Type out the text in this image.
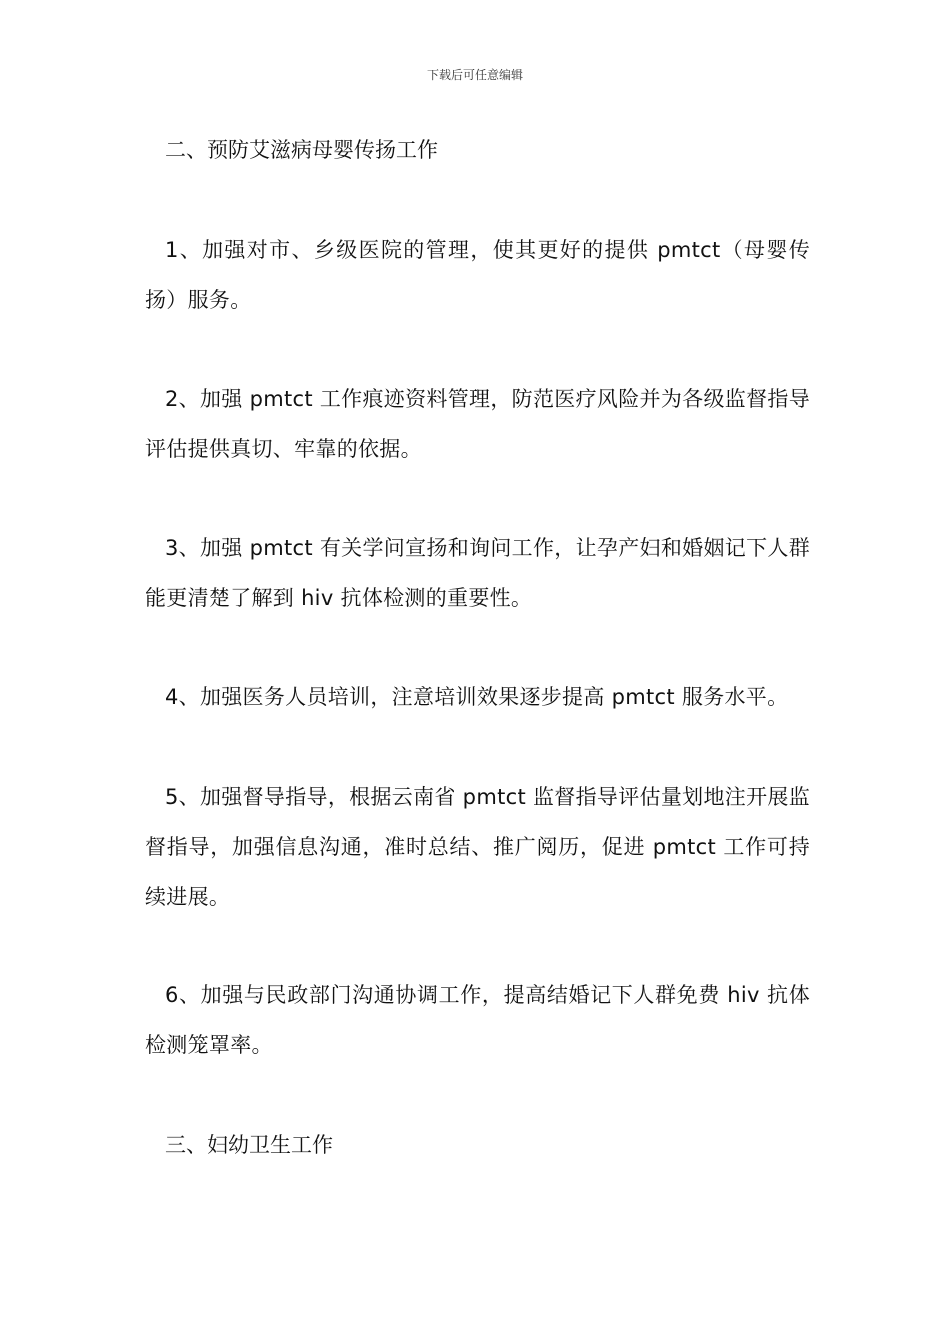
下载后可任意编辑

二、预防艾滋病母婴传扬工作

1、加强对市、乡级医院的管理，使其更好的提供 pmtct（母婴传扬）服务。

2、加强 pmtct 工作痕迹资料管理，防范医疗风险并为各级监督指导评估提供真切、牢靠的依据。

3、加强 pmtct 有关学问宣扬和询问工作，让孕产妇和婚姻记下人群能更清楚了解到 hiv 抗体检测的重要性。

4、加强医务人员培训，注意培训效果逐步提高 pmtct 服务水平。

5、加强督导指导，根据云南省 pmtct 监督指导评估量划地注开展监督指导，加强信息沟通，准时总结、推广阅历，促进 pmtct 工作可持续进展。

6、加强与民政部门沟通协调工作，提高结婚记下人群免费 hiv 抗体检测笼罩率。

三、妇幼卫生工作
